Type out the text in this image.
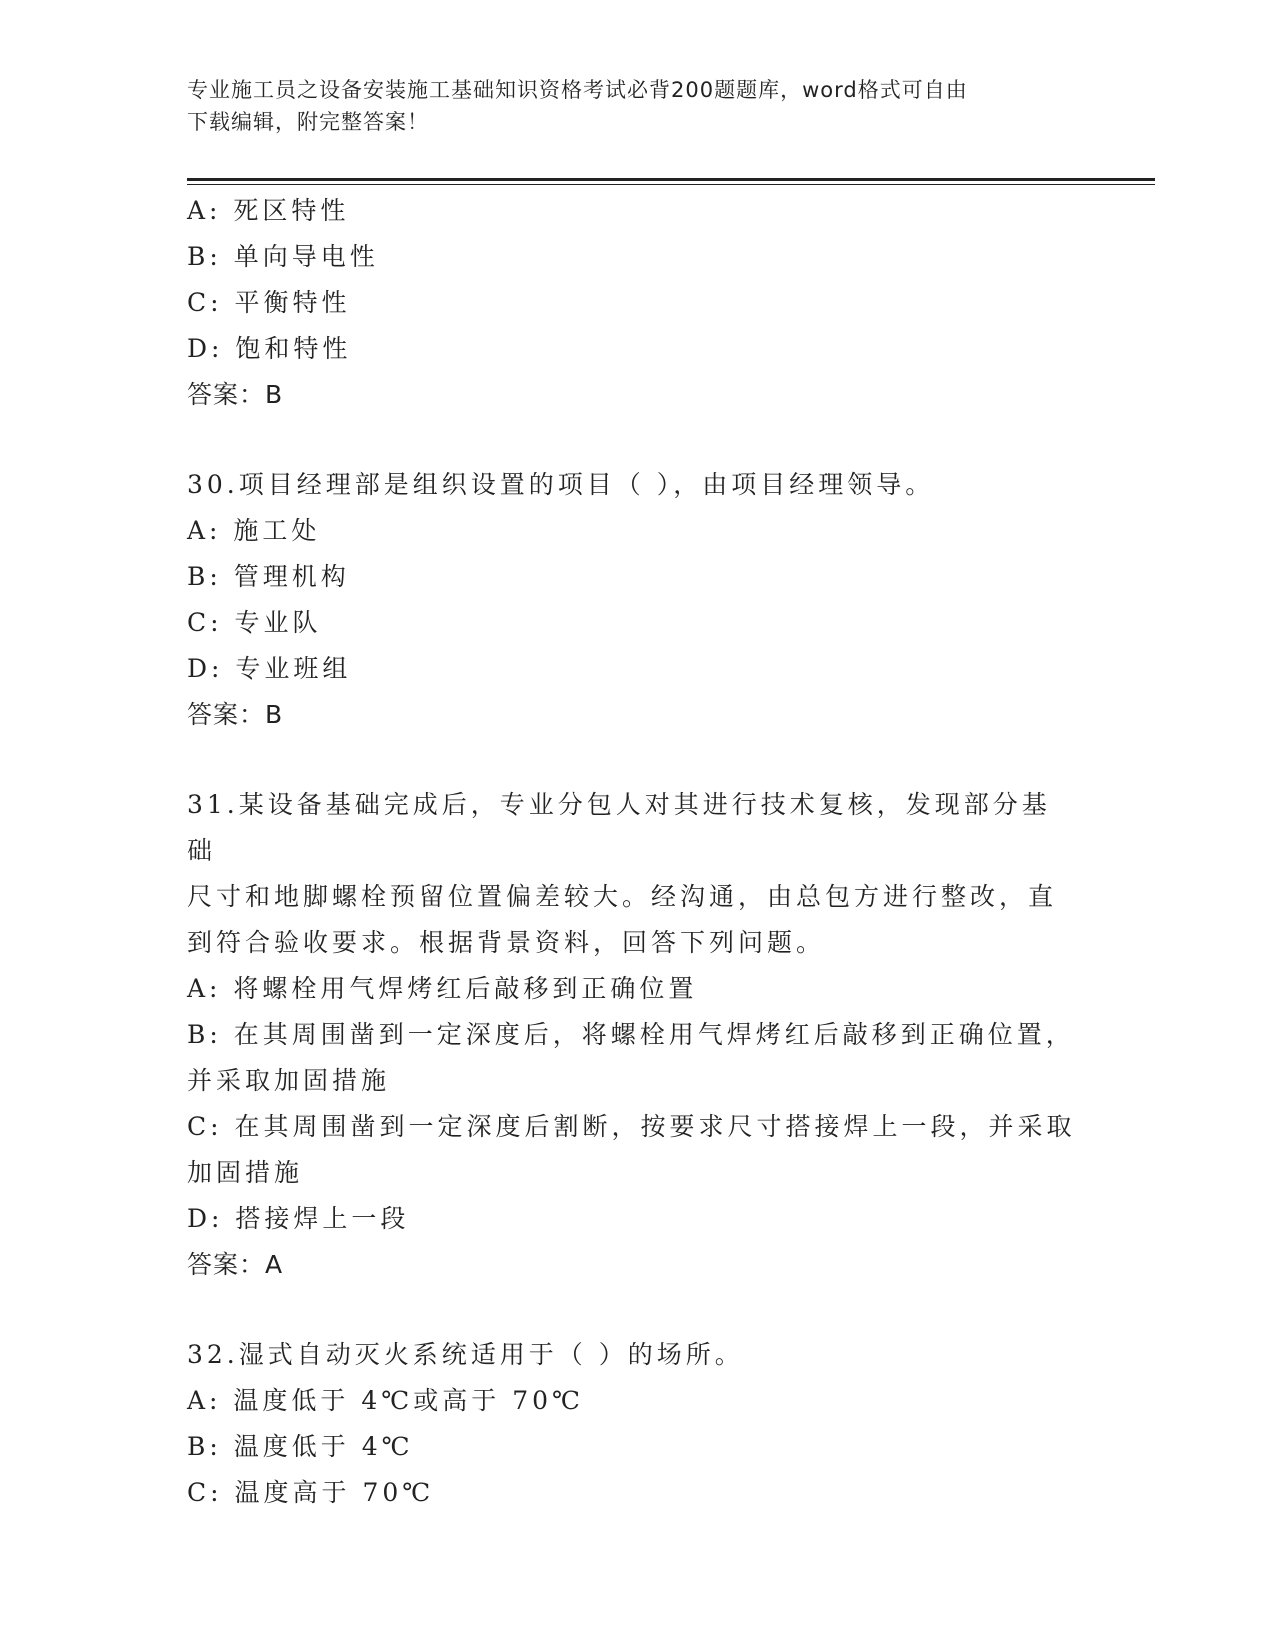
专业施工员之设备安装施工基础知识资格考试必背200题题库，word格式可自由
下载编辑，附完整答案！

A: 死区特性

B: 单向导电性

C: 平衡特性

D: 饱和特性

答案：B

30.项目经理部是组织设置的项目（ ），由项目经理领导。

A: 施工处

B: 管理机构

C: 专业队

D: 专业班组

答案：B

31.某设备基础完成后，专业分包人对其进行技术复核，发现部分基础

尺寸和地脚螺栓预留位置偏差较大。经沟通，由总包方进行整改，直

到符合验收要求。根据背景资料，回答下列问题。

A: 将螺栓用气焊烤红后敲移到正确位置

B: 在其周围凿到一定深度后，将螺栓用气焊烤红后敲移到正确位置，

并采取加固措施

C: 在其周围凿到一定深度后割断，按要求尺寸搭接焊上一段，并采取

加固措施

D: 搭接焊上一段

答案：A

32.湿式自动灭火系统适用于（ ）的场所。

A: 温度低于 4℃或高于 70℃

B: 温度低于 4℃

C: 温度高于 70℃
